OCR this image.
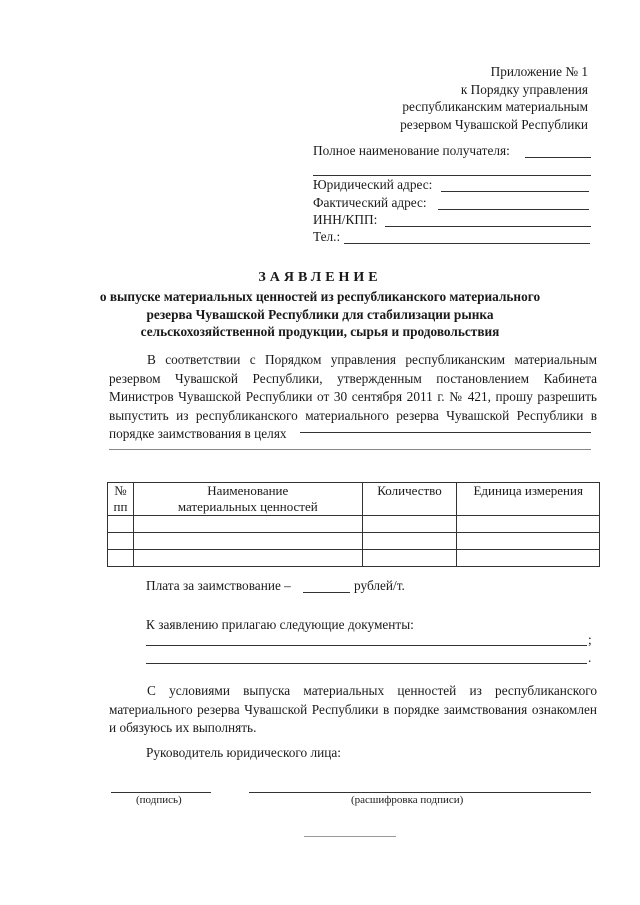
Приложение № 1
к Порядку управления
республиканским материальным
резервом Чувашской Республики
Полное наименование получателя:
Юридический адрес:
Фактический адрес:
ИНН/КПП:
Тел.:
ЗАЯВЛЕНИЕ
о выпуске материальных ценностей из республиканского материального резерва Чувашской Республики для стабилизации рынка сельскохозяйственной продукции, сырья и продовольствия
В соответствии с Порядком управления республиканским материальным резервом Чувашской Республики, утвержденным постановлением Кабинета Министров Чувашской Республики от 30 сентября 2011 г. № 421, прошу разрешить выпустить из республиканского материального резерва Чувашской Республики в порядке заимствования в целях
№ пп	Наименование материальных ценностей	Количество	Единица измерения

Плата за заимствование –	рублей/т.
К заявлению прилагаю следующие документы:
;
.
С условиями выпуска материальных ценностей из республиканского материального резерва Чувашской Республики в порядке заимствования ознакомлен и обязуюсь их выполнять.
Руководитель юридического лица:
(подпись)	(расшифровка подписи)
